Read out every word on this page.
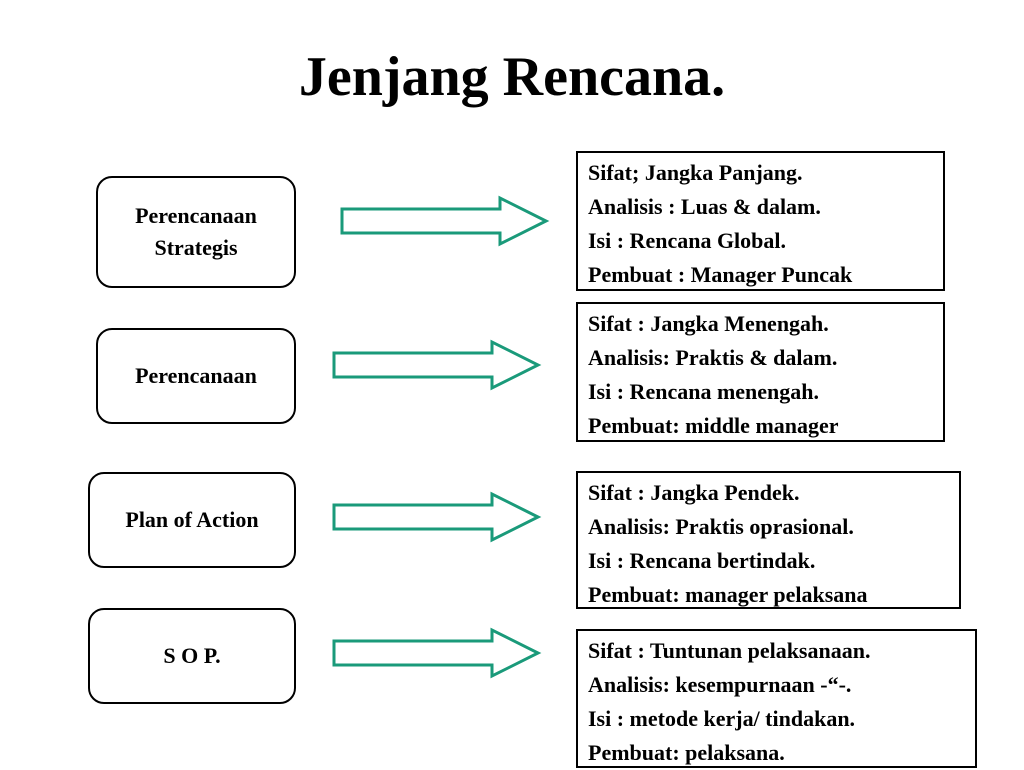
Jenjang Rencana.
Perencanaan
Strategis
Sifat; Jangka Panjang.
Analisis : Luas & dalam.
Isi : Rencana Global.
Pembuat : Manager Puncak
Perencanaan
Sifat : Jangka Menengah.
Analisis: Praktis & dalam.
Isi : Rencana menengah.
Pembuat: middle manager
Plan of Action
Sifat : Jangka Pendek.
Analisis: Praktis oprasional.
Isi : Rencana bertindak.
Pembuat: manager pelaksana
S O P.	Sifat : Tuntunan pelaksanaan.
Analisis: kesempurnaan -“-.
Isi : metode kerja/ tindakan.
Pembuat: pelaksana.
